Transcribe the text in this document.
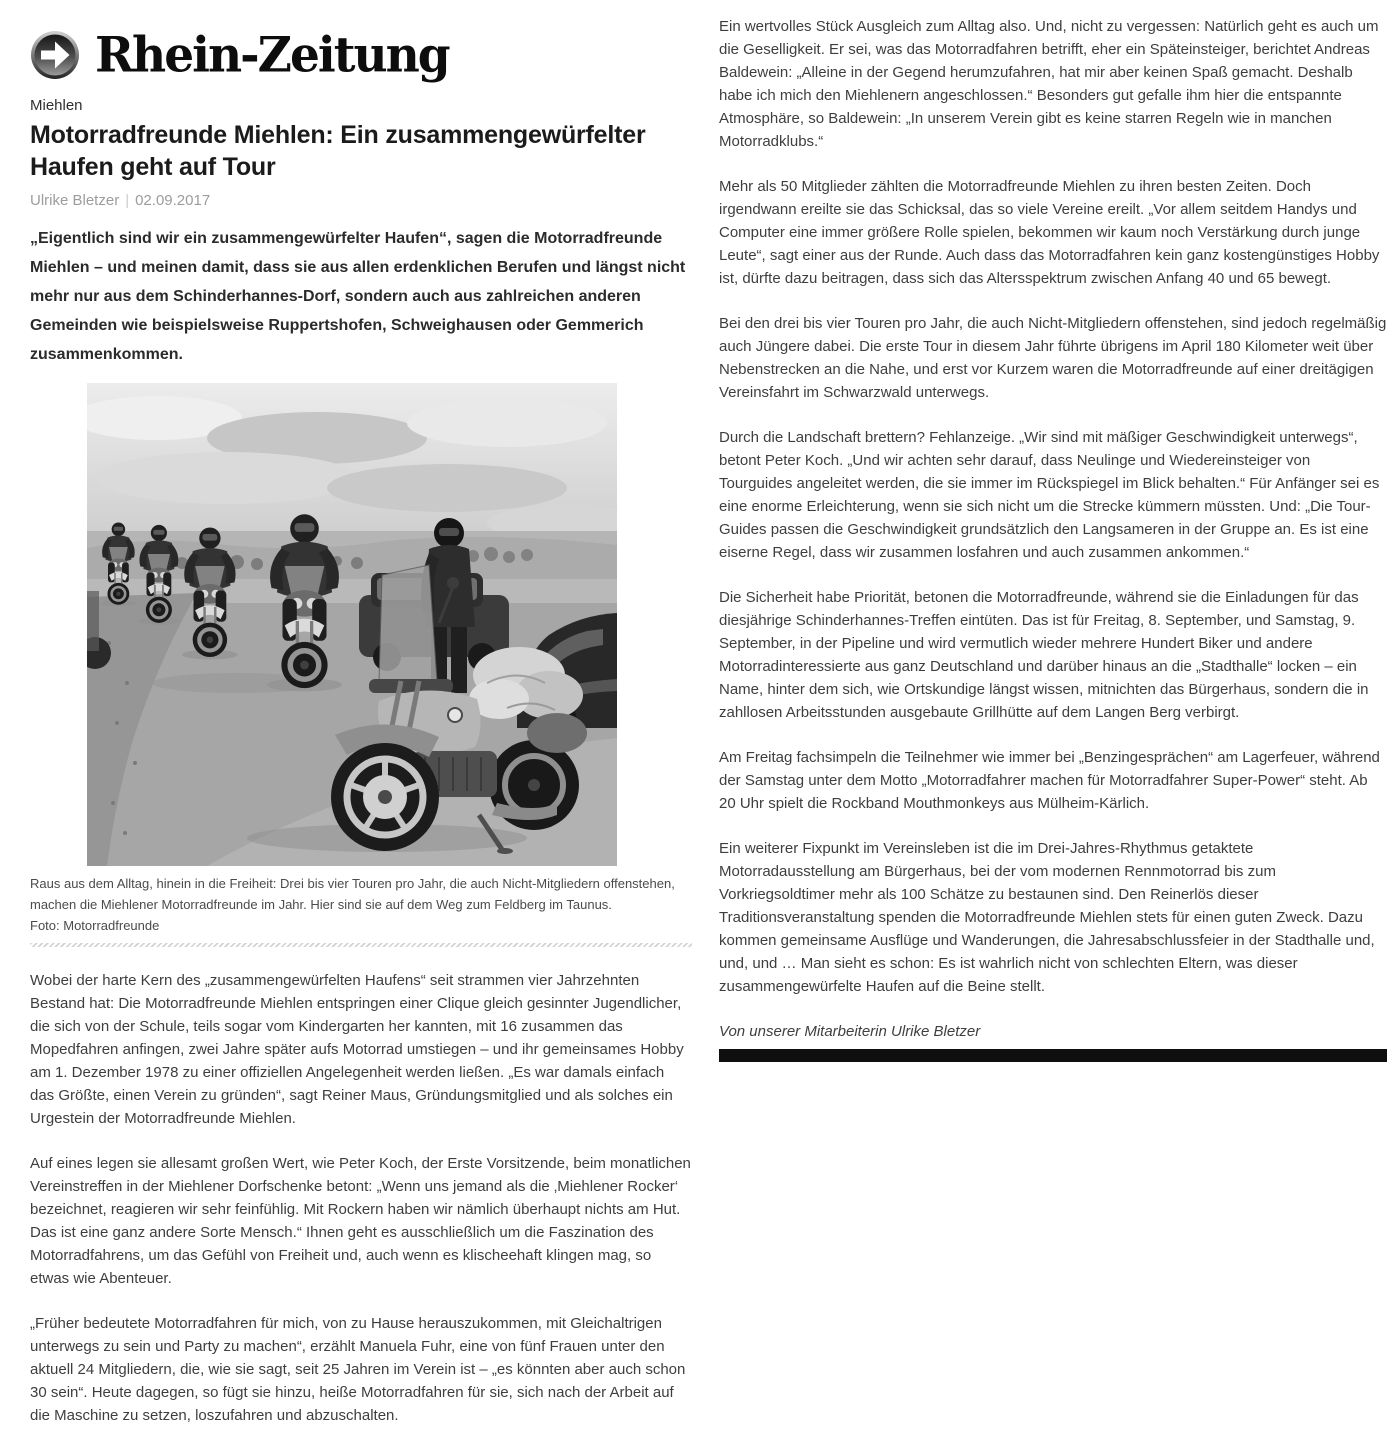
Rhein-Zeitung
Miehlen
Motorradfreunde Miehlen: Ein zusammengewürfelter
Haufen geht auf Tour
Ulrike Bletzer | 02.09.2017
„Eigentlich sind wir ein zusammengewürfelter Haufen“, sagen die Motorradfreunde Miehlen – und meinen damit, dass sie aus allen erdenklichen Berufen und längst nicht mehr nur aus dem Schinderhannes-Dorf, sondern auch aus zahlreichen anderen Gemeinden wie beispielsweise Ruppertshofen, Schweighausen oder Gemmerich zusammenkommen.
Raus aus dem Alltag, hinein in die Freiheit: Drei bis vier Touren pro Jahr, die auch Nicht-Mitgliedern offenstehen, machen die Miehlener Motorradfreunde im Jahr. Hier sind sie auf dem Weg zum Feldberg im Taunus.
Foto: Motorradfreunde

Wobei der harte Kern des „zusammengewürfelten Haufens“ seit strammen vier Jahrzehnten Bestand hat: Die Motorradfreunde Miehlen entspringen einer Clique gleich gesinnter Jugendlicher, die sich von der Schule, teils sogar vom Kindergarten her kannten, mit 16 zusammen das Mopedfahren anfingen, zwei Jahre später aufs Motorrad umstiegen – und ihr gemeinsames Hobby am 1. Dezember 1978 zu einer offiziellen Angelegenheit werden ließen. „Es war damals einfach das Größte, einen Verein zu gründen“, sagt Reiner Maus, Gründungsmitglied und als solches ein Urgestein der Motorradfreunde Miehlen.

Auf eines legen sie allesamt großen Wert, wie Peter Koch, der Erste Vorsitzende, beim monatlichen Vereinstreffen in der Miehlener Dorfschenke betont: „Wenn uns jemand als die ‚Miehlener Rocker‘ bezeichnet, reagieren wir sehr feinfühlig. Mit Rockern haben wir nämlich überhaupt nichts am Hut. Das ist eine ganz andere Sorte Mensch.“ Ihnen geht es ausschließlich um die Faszination des Motorradfahrens, um das Gefühl von Freiheit und, auch wenn es klischeehaft klingen mag, so etwas wie Abenteuer.

„Früher bedeutete Motorradfahren für mich, von zu Hause herauszukommen, mit Gleichaltrigen unterwegs zu sein und Party zu machen“, erzählt Manuela Fuhr, eine von fünf Frauen unter den aktuell 24 Mitgliedern, die, wie sie sagt, seit 25 Jahren im Verein ist – „es könnten aber auch schon 30 sein“. Heute dagegen, so fügt sie hinzu, heiße Motorradfahren für sie, sich nach der Arbeit auf die Maschine zu setzen, loszufahren und abzuschalten.

Ein wertvolles Stück Ausgleich zum Alltag also. Und, nicht zu vergessen: Natürlich geht es auch um die Geselligkeit. Er sei, was das Motorradfahren betrifft, eher ein Späteinsteiger, berichtet Andreas Baldewein: „Alleine in der Gegend herumzufahren, hat mir aber keinen Spaß gemacht. Deshalb habe ich mich den Miehlenern angeschlossen.“ Besonders gut gefalle ihm hier die entspannte Atmosphäre, so Baldewein: „In unserem Verein gibt es keine starren Regeln wie in manchen Motorradklubs.“

Mehr als 50 Mitglieder zählten die Motorradfreunde Miehlen zu ihren besten Zeiten. Doch irgendwann ereilte sie das Schicksal, das so viele Vereine ereilt. „Vor allem seitdem Handys und Computer eine immer größere Rolle spielen, bekommen wir kaum noch Verstärkung durch junge Leute“, sagt einer aus der Runde. Auch dass das Motorradfahren kein ganz kostengünstiges Hobby ist, dürfte dazu beitragen, dass sich das Altersspektrum zwischen Anfang 40 und 65 bewegt.

Bei den drei bis vier Touren pro Jahr, die auch Nicht-Mitgliedern offenstehen, sind jedoch regelmäßig auch Jüngere dabei. Die erste Tour in diesem Jahr führte übrigens im April 180 Kilometer weit über Nebenstrecken an die Nahe, und erst vor Kurzem waren die Motorradfreunde auf einer dreitägigen Vereinsfahrt im Schwarzwald unterwegs.

Durch die Landschaft brettern? Fehlanzeige. „Wir sind mit mäßiger Geschwindigkeit unterwegs“, betont Peter Koch. „Und wir achten sehr darauf, dass Neulinge und Wiedereinsteiger von Tourguides angeleitet werden, die sie immer im Rückspiegel im Blick behalten.“ Für Anfänger sei es eine enorme Erleichterung, wenn sie sich nicht um die Strecke kümmern müssten. Und: „Die Tour-Guides passen die Geschwindigkeit grundsätzlich den Langsameren in der Gruppe an. Es ist eine eiserne Regel, dass wir zusammen losfahren und auch zusammen ankommen.“

Die Sicherheit habe Priorität, betonen die Motorradfreunde, während sie die Einladungen für das diesjährige Schinderhannes-Treffen eintüten. Das ist für Freitag, 8. September, und Samstag, 9. September, in der Pipeline und wird vermutlich wieder mehrere Hundert Biker und andere Motorradinteressierte aus ganz Deutschland und darüber hinaus an die „Stadthalle“ locken – ein Name, hinter dem sich, wie Ortskundige längst wissen, mitnichten das Bürgerhaus, sondern die in zahllosen Arbeitsstunden ausgebaute Grillhütte auf dem Langen Berg verbirgt.

Am Freitag fachsimpeln die Teilnehmer wie immer bei „Benzingesprächen“ am Lagerfeuer, während der Samstag unter dem Motto „Motorradfahrer machen für Motorradfahrer Super-Power“ steht. Ab 20 Uhr spielt die Rockband Mouthmonkeys aus Mülheim-Kärlich.

Ein weiterer Fixpunkt im Vereinsleben ist die im Drei-Jahres-Rhythmus getaktete Motorradausstellung am Bürgerhaus, bei der vom modernen Rennmotorrad bis zum Vorkriegsoldtimer mehr als 100 Schätze zu bestaunen sind. Den Reinerlös dieser Traditionsveranstaltung spenden die Motorradfreunde Miehlen stets für einen guten Zweck. Dazu kommen gemeinsame Ausflüge und Wanderungen, die Jahresabschlussfeier in der Stadthalle und, und, und … Man sieht es schon: Es ist wahrlich nicht von schlechten Eltern, was dieser zusammengewürfelte Haufen auf die Beine stellt.

Von unserer Mitarbeiterin Ulrike Bletzer
